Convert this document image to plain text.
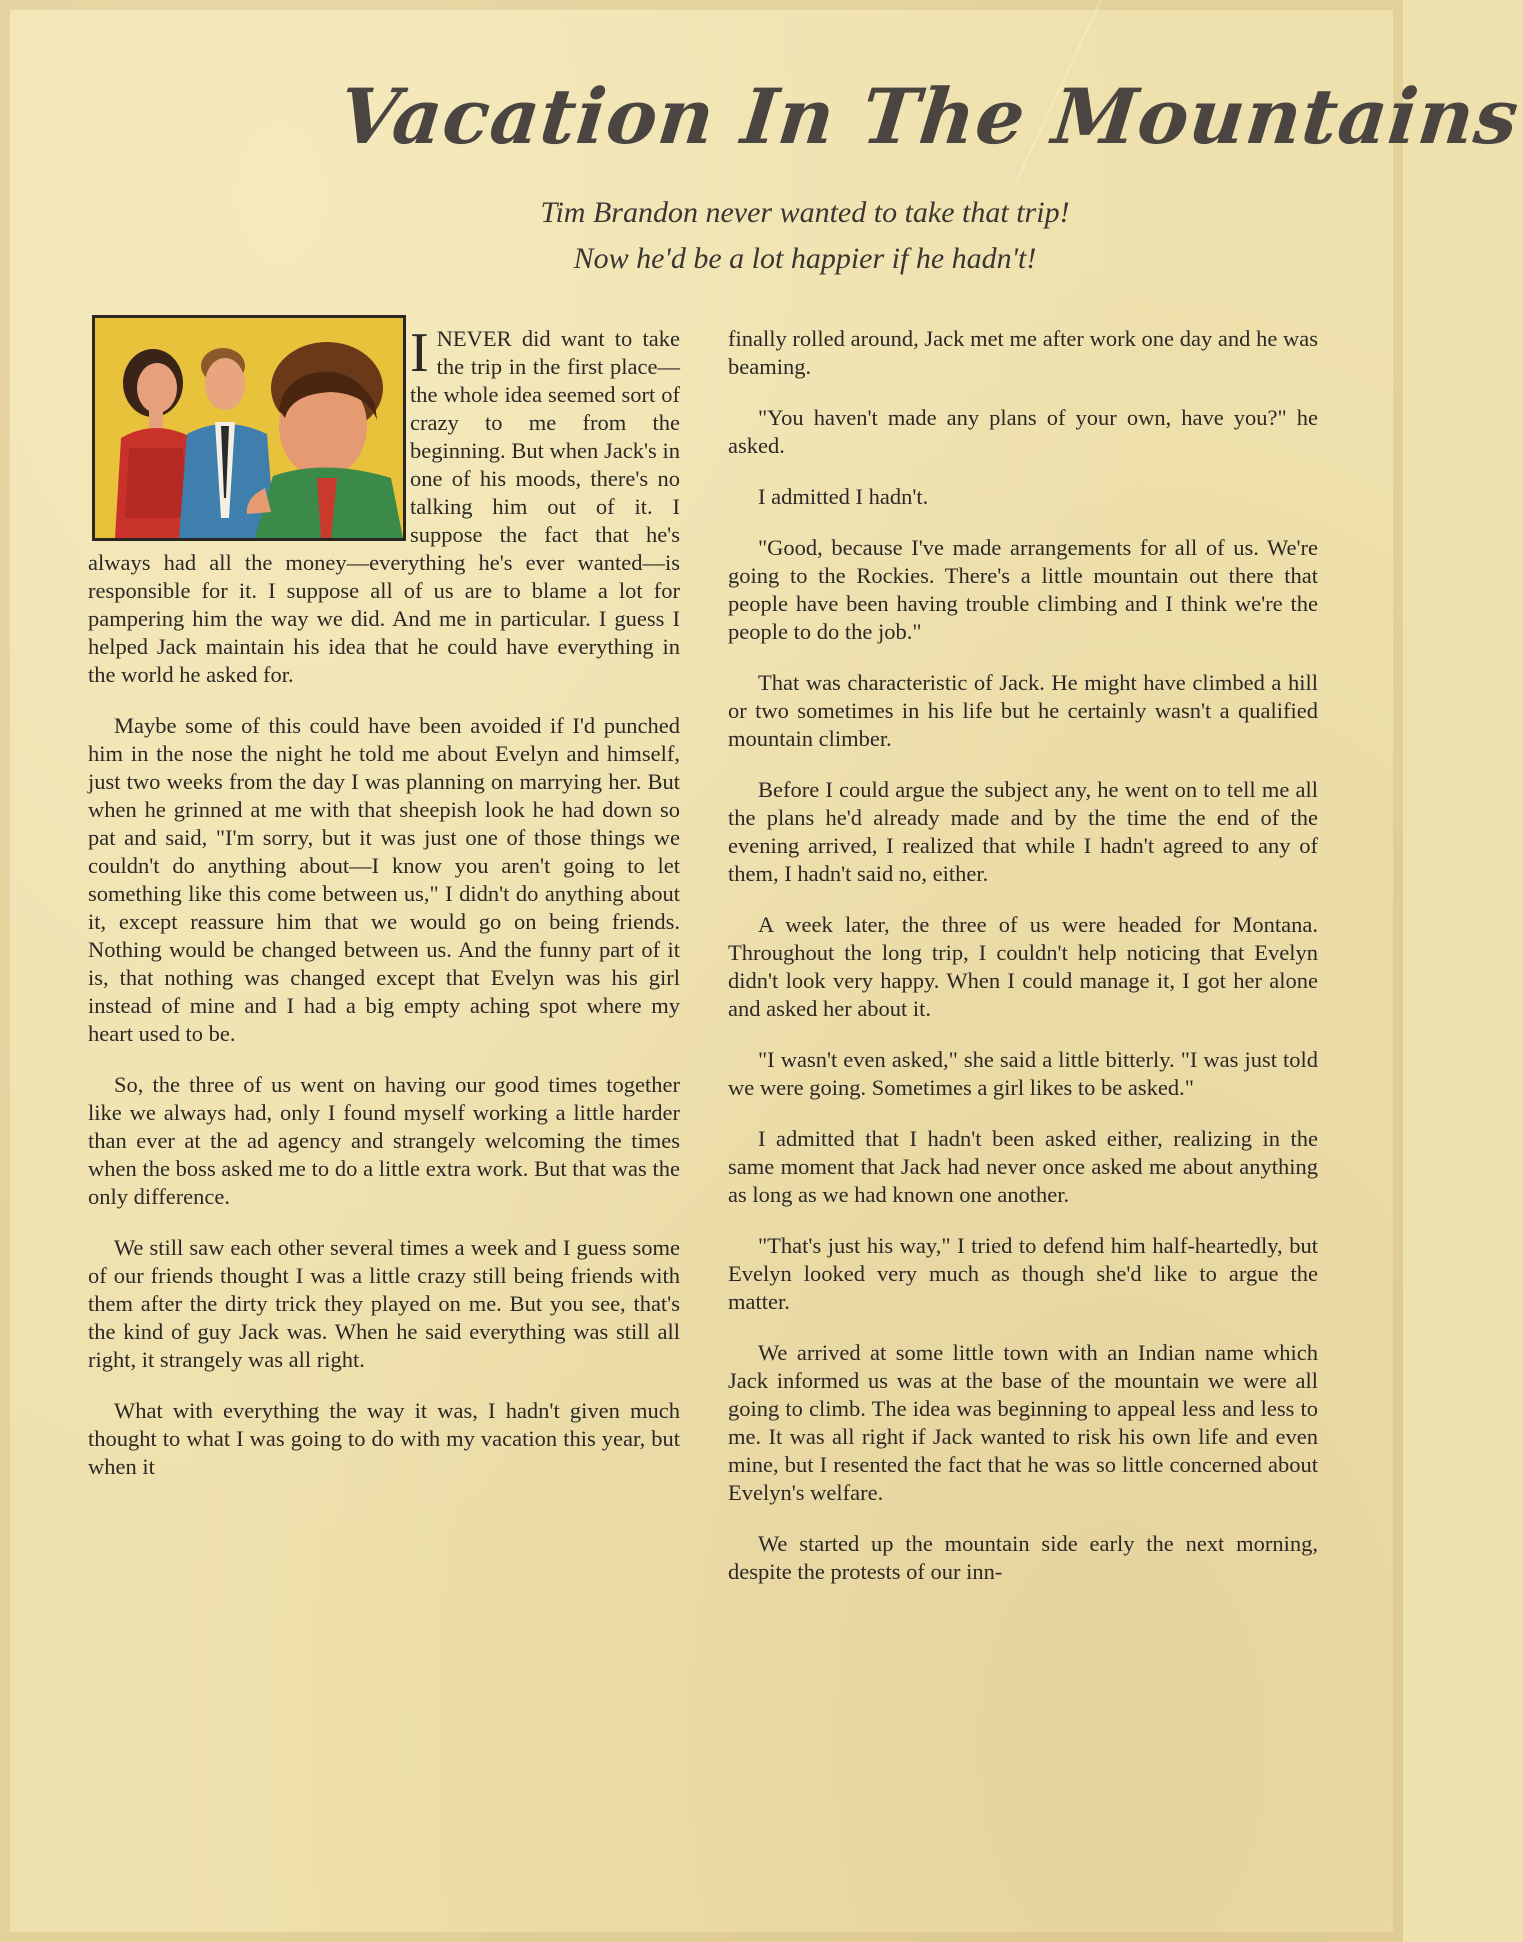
Vacation In The Mountains
Tim Brandon never wanted to take that trip!
Now he'd be a lot happier if he hadn't!

I NEVER did want to take the trip in the first place—the whole idea seemed sort of crazy to me from the beginning. But when Jack's in one of his moods, there's no talking him out of it. I suppose the fact that he's always had all the money—everything he's ever wanted—is responsible for it. I suppose all of us are to blame a lot for pampering him the way we did. And me in particular. I guess I helped Jack maintain his idea that he could have everything in the world he asked for.

Maybe some of this could have been avoided if I'd punched him in the nose the night he told me about Evelyn and himself, just two weeks from the day I was planning on marrying her. But when he grinned at me with that sheepish look he had down so pat and said, "I'm sorry, but it was just one of those things we couldn't do anything about—I know you aren't going to let something like this come between us," I didn't do anything about it, except reassure him that we would go on being friends. Nothing would be changed between us. And the funny part of it is, that nothing was changed except that Evelyn was his girl instead of mine and I had a big empty aching spot where my heart used to be.

So, the three of us went on having our good times together like we always had, only I found myself working a little harder than ever at the ad agency and strangely welcoming the times when the boss asked me to do a little extra work. But that was the only difference.

We still saw each other several times a week and I guess some of our friends thought I was a little crazy still being friends with them after the dirty trick they played on me. But you see, that's the kind of guy Jack was. When he said everything was still all right, it strangely was all right.

What with everything the way it was, I hadn't given much thought to what I was going to do with my vacation this year, but when it

finally rolled around, Jack met me after work one day and he was beaming.

"You haven't made any plans of your own, have you?" he asked.

I admitted I hadn't.

"Good, because I've made arrangements for all of us. We're going to the Rockies. There's a little mountain out there that people have been having trouble climbing and I think we're the people to do the job."

That was characteristic of Jack. He might have climbed a hill or two sometimes in his life but he certainly wasn't a qualified mountain climber.

Before I could argue the subject any, he went on to tell me all the plans he'd already made and by the time the end of the evening arrived, I realized that while I hadn't agreed to any of them, I hadn't said no, either.

A week later, the three of us were headed for Montana. Throughout the long trip, I couldn't help noticing that Evelyn didn't look very happy. When I could manage it, I got her alone and asked her about it.

"I wasn't even asked," she said a little bitterly. "I was just told we were going. Sometimes a girl likes to be asked."

I admitted that I hadn't been asked either, realizing in the same moment that Jack had never once asked me about anything as long as we had known one another.

"That's just his way," I tried to defend him half-heartedly, but Evelyn looked very much as though she'd like to argue the matter.

We arrived at some little town with an Indian name which Jack informed us was at the base of the mountain we were all going to climb. The idea was beginning to appeal less and less to me. It was all right if Jack wanted to risk his own life and even mine, but I resented the fact that he was so little concerned about Evelyn's welfare.

We started up the mountain side early the next morning, despite the protests of our inn-
